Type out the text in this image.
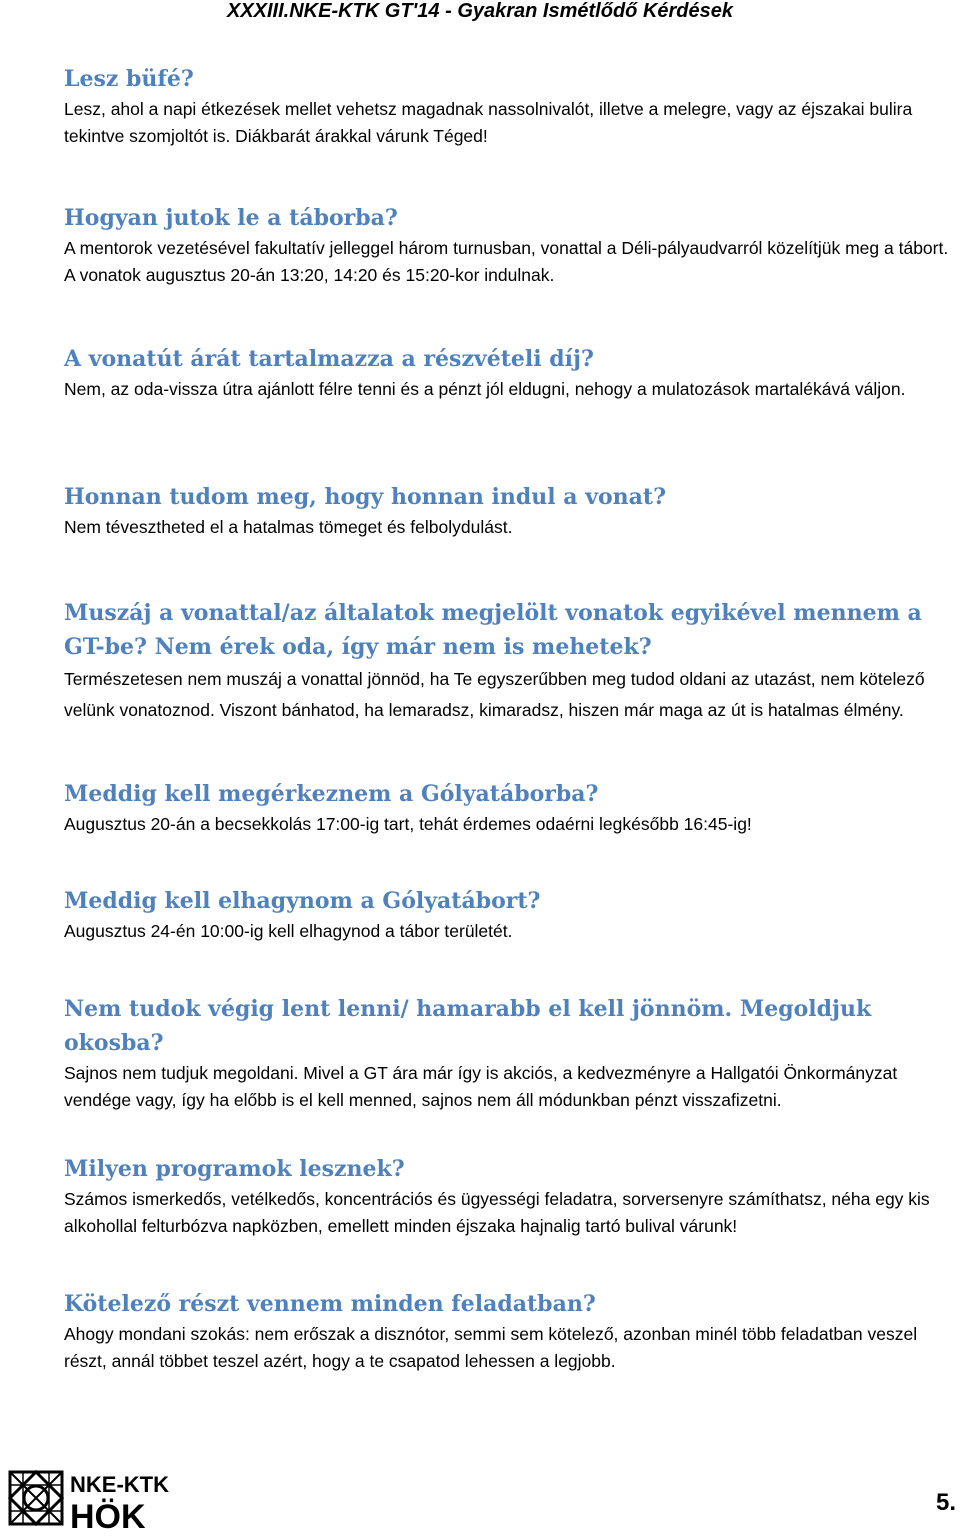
XXXIII.NKE-KTK GT'14 - Gyakran Ismétlődő Kérdések
Lesz büfé?

Lesz, ahol a napi étkezések mellet vehetsz magadnak nassolnivalót, illetve a melegre, vagy az éjszakai bulira tekintve szomjoltót is. Diákbarát árakkal várunk Téged!

Hogyan jutok le a táborba?

A mentorok vezetésével fakultatív jelleggel három turnusban, vonattal a Déli-pályaudvarról közelítjük meg a tábort. A vonatok augusztus 20-án 13:20, 14:20 és 15:20-kor indulnak.

A vonatút árát tartalmazza a részvételi díj?

Nem, az oda-vissza útra ajánlott félre tenni és a pénzt jól eldugni, nehogy a mulatozások martalékává váljon.

Honnan tudom meg, hogy honnan indul a vonat?

Nem tévesztheted el a hatalmas tömeget és felbolydulást.

Muszáj a vonattal/az általatok megjelölt vonatok egyikével mennem a GT-be? Nem érek oda, így már nem is mehetek?

Természetesen nem muszáj a vonattal jönnöd, ha Te egyszerűbben meg tudod oldani az utazást, nem kötelező velünk vonatoznod. Viszont bánhatod, ha lemaradsz, kimaradsz, hiszen már maga az út is hatalmas élmény.

Meddig kell megérkeznem a Gólyatáborba?

Augusztus 20-án a becsekkolás 17:00-ig tart, tehát érdemes odaérni legkésőbb 16:45-ig!

Meddig kell elhagynom a Gólyatábort?

Augusztus 24-én 10:00-ig kell elhagynod a tábor területét.

Nem tudok végig lent lenni/ hamarabb el kell jönnöm. Megoldjuk okosba?

Sajnos nem tudjuk megoldani. Mivel a GT ára már így is akciós, a kedvezményre a Hallgatói Önkormányzat vendége vagy, így ha előbb is el kell menned, sajnos nem áll módunkban pénzt visszafizetni.

Milyen programok lesznek?

Számos ismerkedős, vetélkedős, koncentrációs és ügyességi feladatra, sorversenyre számíthatsz, néha egy kis alkohollal felturbózva napközben, emellett minden éjszaka hajnalig tartó bulival várunk!

Kötelező részt vennem minden feladatban?

Ahogy mondani szokás: nem erőszak a disznótor, semmi sem kötelező, azonban minél több feladatban veszel részt, annál többet teszel azért, hogy a te csapatod lehessen a legjobb.

NKE-KTK
HÖK	5.
